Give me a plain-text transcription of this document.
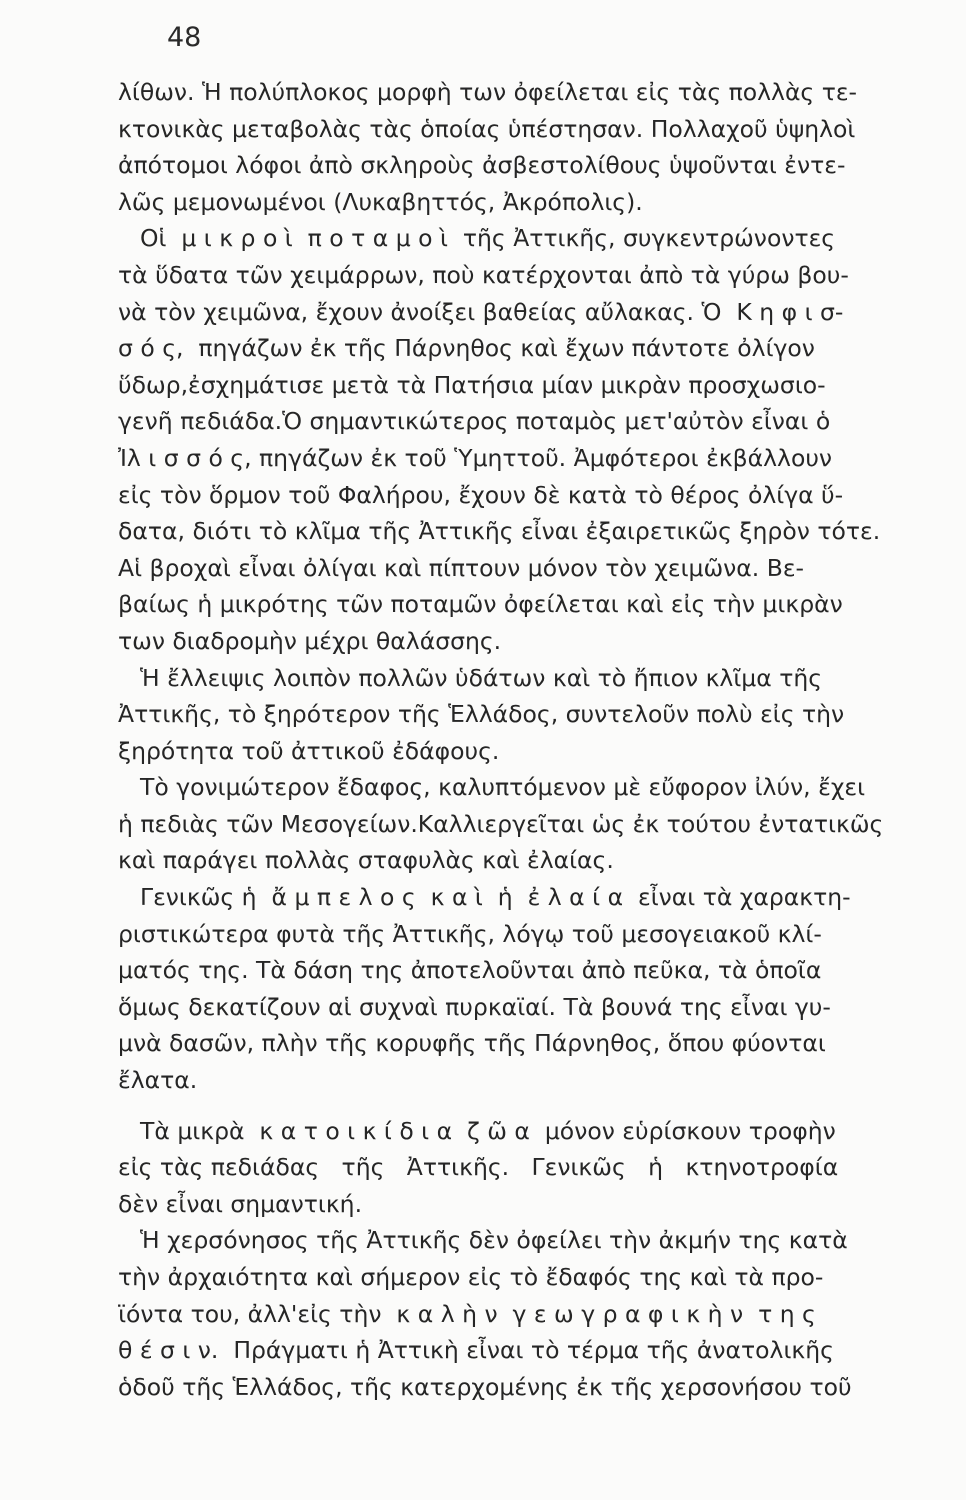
48
λίθων. Ἡ πολύπλοκος μορφὴ των ὀφείλεται εἰς τὰς πολλὰς τε-
κτονικὰς μεταβολὰς τὰς ὁποίας ὑπέστησαν. Πολλαχοῦ ὑψηλοὶ
ἀπότομοι λόφοι ἀπὸ σκληροὺς ἀσβεστολίθους ὑψοῦνται ἐντε-
λῶς μεμονωμένοι (Λυκαβηττός, Ἀκρόπολις).
Οἱ  μ ι κ ρ ο ὶ  π ο τ α μ ο ὶ  τῆς Ἀττικῆς, συγκεντρώνοντες
τὰ ὕδατα τῶν χειμάρρων, ποὺ κατέρχονται ἀπὸ τὰ γύρω βου-
νὰ τὸν χειμῶνα, ἔχουν ἀνοίξει βαθείας αὔλακας. Ὁ  Κ η φ ι σ-
σ ό ς,  πηγάζων ἐκ τῆς Πάρνηθος καὶ ἔχων πάντοτε ὀλίγον
ὕδωρ,ἐσχημάτισε μετὰ τὰ Πατήσια μίαν μικρὰν προσχωσιο-
γενῆ πεδιάδα.Ὁ σημαντικώτερος ποταμὸς μετ'αὐτὸν εἶναι ὁ
Ἰλ ι σ σ ό ς, πηγάζων ἐκ τοῦ Ὑμηττοῦ. Ἀμφότεροι ἐκβάλλουν
εἰς τὸν ὅρμον τοῦ Φαλήρου, ἔχουν δὲ κατὰ τὸ θέρος ὀλίγα ὕ-
δατα, διότι τὸ κλῖμα τῆς Ἀττικῆς εἶναι ἐξαιρετικῶς ξηρὸν τότε.
Αἱ βροχαὶ εἶναι ὀλίγαι καὶ πίπτουν μόνον τὸν χειμῶνα. Βε-
βαίως ἡ μικρότης τῶν ποταμῶν ὀφείλεται καὶ εἰς τὴν μικρὰν
των διαδρομὴν μέχρι θαλάσσης.
Ἡ ἔλλειψις λοιπὸν πολλῶν ὑδάτων καὶ τὸ ἤπιον κλῖμα τῆς
Ἀττικῆς, τὸ ξηρότερον τῆς Ἑλλάδος, συντελοῦν πολὺ εἰς τὴν
ξηρότητα τοῦ ἀττικοῦ ἐδάφους.
Τὸ γονιμώτερον ἔδαφος, καλυπτόμενον μὲ εὔφορον ἰλύν, ἔχει
ἡ πεδιὰς τῶν Μεσογείων.Καλλιεργεῖται ὡς ἐκ τούτου ἐντατικῶς
καὶ παράγει πολλὰς σταφυλὰς καὶ ἐλαίας.
Γενικῶς ἡ  ἄ μ π ε λ ο ς  κ α ὶ  ἡ  ἐ λ α ί α  εἶναι τὰ χαρακτη-
ριστικώτερα φυτὰ τῆς Ἀττικῆς, λόγῳ τοῦ μεσογειακοῦ κλί-
ματός της. Τὰ δάση της ἀποτελοῦνται ἀπὸ πεῦκα, τὰ ὁποῖα
ὅμως δεκατίζουν αἱ συχναὶ πυρκαϊαί. Τὰ βουνά της εἶναι γυ-
μνὰ δασῶν, πλὴν τῆς κορυφῆς τῆς Πάρνηθος, ὅπου φύονται
ἔλατα.
Τὰ μικρὰ  κ α τ ο ι κ ί δ ι α  ζ ῶ α  μόνον εὑρίσκουν τροφὴν
εἰς τὰς πεδιάδας   τῆς   Ἀττικῆς.   Γενικῶς   ἡ   κτηνοτροφία
δὲν εἶναι σημαντική.
Ἡ χερσόνησος τῆς Ἀττικῆς δὲν ὀφείλει τὴν ἀκμήν της κατὰ
τὴν ἀρχαιότητα καὶ σήμερον εἰς τὸ ἔδαφός της καὶ τὰ προ-
ϊόντα του, ἀλλ'εἰς τὴν  κ α λ ὴ ν  γ ε ω γ ρ α φ ι κ ὴ ν  τ η ς
θ έ σ ι ν.  Πράγματι ἡ Ἀττικὴ εἶναι τὸ τέρμα τῆς ἀνατολικῆς
ὁδοῦ τῆς Ἑλλάδος, τῆς κατερχομένης ἐκ τῆς χερσονήσου τοῦ
